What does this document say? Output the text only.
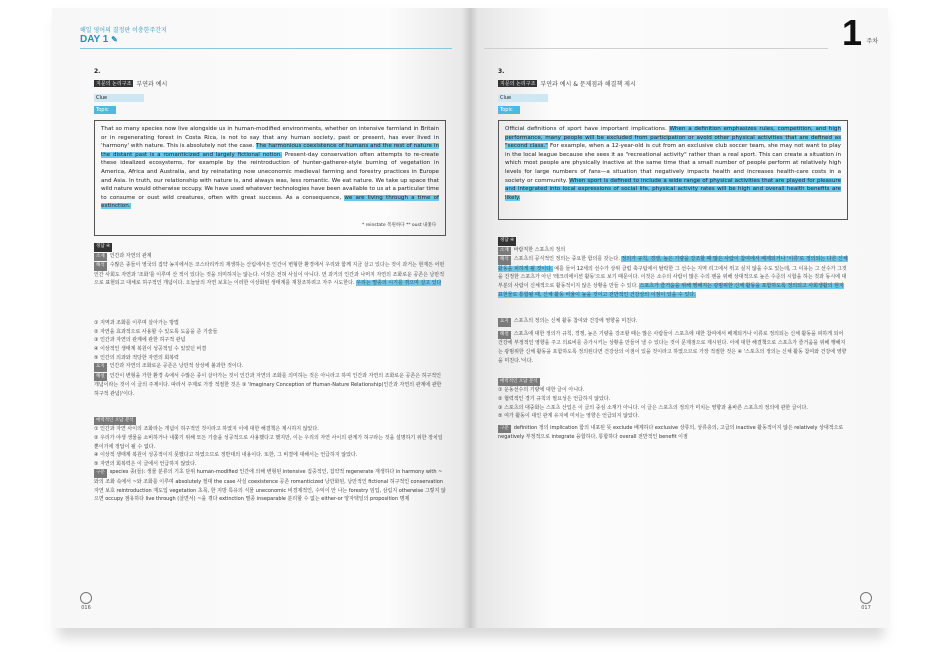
해일 영어의 결정판 이충한주간지
DAY 1 ✎
2.
지문의 논리구조 부연과 예시
Clue
Topic
That so many species now live alongside us in human-modified environments, whether on intensive farmland in Britain or in regenerating forest in Costa Rica, is not to say that any human society, past or present, has ever lived in 'harmony' with nature. This is absolutely not the case. The harmonious coexistence of humans and the rest of nature in the distant past is a romanticized and largely fictional notion. Present-day conservation often attempts to re-create these idealized ecosystems, for example by the reintroduction of hunter-gatherer-style burning of vegetation in America, Africa and Australia, and by reinstating now uneconomic medieval farming and forestry practices in Europe and Asia. In truth, our relationship with nature is, and always was, less romantic. We eat nature. We take up space that wild nature would otherwise occupy. We have used whatever technologies have been available to us at a particular time to consume or oust wild creatures, often with great success. As a consequence, we are living through a time of extinction.
* reinstate 복원하다 ** oust 내쫓다
정답 ④
소재 인간과 자연의 관계
해석 수많은 종들이 영국의 집약 농지에서든 코스타리카의 재생하는 산림에서든 인간이 변형한 환경에서 우리와 함께 지금 살고 있다는 것이 과거는 현재든 어떤 인간 사회도 자연과 '조화'를 이루며 산 적이 있다는 것을 의미하지는 않는다. 이것은 전혀 사실이 아니다. 먼 과거의 인간과 나머지 자연의 조화로운 공존은 낭만적으로 표현되고 대체로 허구적인 개념이다. 오늘날의 자연 보호는 이러한 이상화된 생태계를 재창조하려고 자주 시도한다. 우리는 멸종의 시기를 겪으며 살고 있다
① 지역과 조화를 이루며 살아가는 방법
② 자연을 효과적으로 사용할 수 있도록 도움을 준 기술들
③ 인간과 자연의 관계에 관한 허구적 관념
④ 이상적인 생태계 복원이 성공적일 수 있었던 비결
⑤ 인간의 의과와 적당한 자연의 회복력
요지 인간과 자연의 조화로운 공존은 낭만적 상상에 불과한 것이다.
해설 인간이 변형을 가한 환경 속에서 수많은 종이 살아가는 것이 인간과 자연의 조화를 의미하는 것은 아니라고 하며 인간과 자연의 조화로운 공존은 허구적인 개념이라는 것이 이 글의 주제이다. 따라서 주제로 가장 적절한 것은 ③ 'Imaginary Conception of Human-Nature Relationship(인간과 자연의 관계에 관한 허구적 관념)'이다.
매력적인 오답 분석
① 인간과 자연 사이의 조화라는 개념이 허구적인 것이라고 하였지 이에 대한 해결책은 제시하지 않았다.
② 우리가 야생 생물을 소비하거나 내쫓기 위해 모든 기술을 성공적으로 사용했다고 했지만, 이는 우리의 자연 사이의 관계가 허구라는 것을 설명하기 위한 장치일 뿐이기에 정답이 될 수 없다.
④ 이상적 생태계 복원이 성공적이지 못했다고 하였으므로 정반대의 내용이다. 또한, 그 비결에 대해서는 언급하지 않았다.
⑤ 자연의 회복력은 이 글에서 언급하지 않았다.
구문 species 종(들): 생물 분류의 기초 단위 human-modified 인간에 의해 변형된 intensive 집중적인, 집약적 regenerate 재생하다 in harmony with ~와의 조화 속에서 ~와 조화를 이루며 absolutely 절대 the case 사실 coexistence 공존 romanticized 낭만화된, 낭만적인 fictional 허구적인 conservation 자연 보호 reintroduction 재도입 vegetation 초목, 한 지방 특유의 식물 uneconomic 비경제적인, 수익이 안 나는 forestry 임업, 삼림지 otherwise 그렇지 않으면 occupy 점유하다 live through (살면서) ~을 겪다 extinction 멸종 inseparable 분리할 수 없는 either-or 양자택일의 proposition 명제
016
1 주차
3.
지문의 논리구조 부연과 예시 & 문제점과 해결책 제시
Clue
Topic
Official definitions of sport have important implications. When a definition emphasizes rules, competition, and high performance, many people will be excluded from participation or avoid other physical activities that are defined as "second class." For example, when a 12-year-old is cut from an exclusive club soccer team, she may not want to play in the local league because she sees it as "recreational activity" rather than a real sport. This can create a situation in which most people are physically inactive at the same time that a small number of people perform at relatively high levels for large numbers of fans—a situation that negatively impacts health and increases health-care costs in a society or community. When sport is defined to include a wide range of physical activities that are played for pleasure and integrated into local expressions of social life, physical activity rates will be high and overall health benefits are likely.
정답 ④
소재 바람직한 스포츠의 정의
해석 스포츠의 공식적인 정의는 중요한 함의를 갖는다. 정의가 규칙, 경쟁, 높은 기량을 강조할 때 많은 사람이 참여에서 배제되거나 '이류'로 정의되는 다른 신체 활동을 피하게 될 것이다. 예를 들어 12세의 선수가 상위 클럽 축구팀에서 탈락한 그 선수는 지역 리그에서 뛰고 싶지 않을 수도 있는데, 그 이유는 그 선수가 그것을 진정한 스포츠가 아닌 '레크리에이션 활동'으로 보기 때문이다. 이것은 소수의 사람이 많은 수의 팬을 위해 상대적으로 높은 수준의 시합을 하는 것과 동시에 대부분의 사람이 신체적으로 활동적이지 않은 상황을 만들 수 있다. 스포츠가 즐거움을 위해 행해지는 광범위한 신체 활동을 포함하도록 정의되고 사회생활의 현지 표현물로 통합될 때, 신체 활동 비율이 높을 것이고 전반적인 건강상의 이점이 있을 수 있다.
요지 스포츠의 정의는 신체 활동 참여와 건강에 영향을 미친다.
해설 스포츠에 대한 정의가 규칙, 경쟁, 높은 기량을 강조할 때는 많은 사람들이 스포츠에 대한 참여에서 배제되거나 이류로 정의되는 신체 활동을 피하게 되어 건강에 부정적인 영향을 주고 의료비를 증가시키는 상황을 만들어 낼 수 있다는 것이 문제점으로 제시된다. 이에 대한 해결책으로 스포츠가 즐거움을 위해 행해지는 광범위한 신체 활동을 포함하도록 정의된다면 건강상의 이점이 있을 것이라고 하였으므로 가장 적절한 것은 ④ '스포츠의 정의는 신체 활동 참여와 건강에 영향을 미친다.'이다.
매력적인 오답 분석
① 운동선수의 기량에 대한 글이 아니다.
② 협력적인 경기 규칙의 필요성은 언급하지 않았다.
③ 스포츠의 대중화는 스포츠 산업은 이 글의 중심 소재가 아니다. 이 글은 스포츠의 정의가 미치는 영향과 올바른 스포츠의 정의에 관한 글이다.
⑤ 여가 활동이 대인 관계 유지에 미치는 영향은 언급되지 않았다.
구문 definition 정의 implication 함의 내포된 뜻 exclude 배제하다 exclusive 상류의, 상류층의, 고급의 inactive 활동적이지 않은 relatively 상대적으로 negatively 부정적으로 integrate 융합하다, 통합하다 overall 전반적인 benefit 이점
017
